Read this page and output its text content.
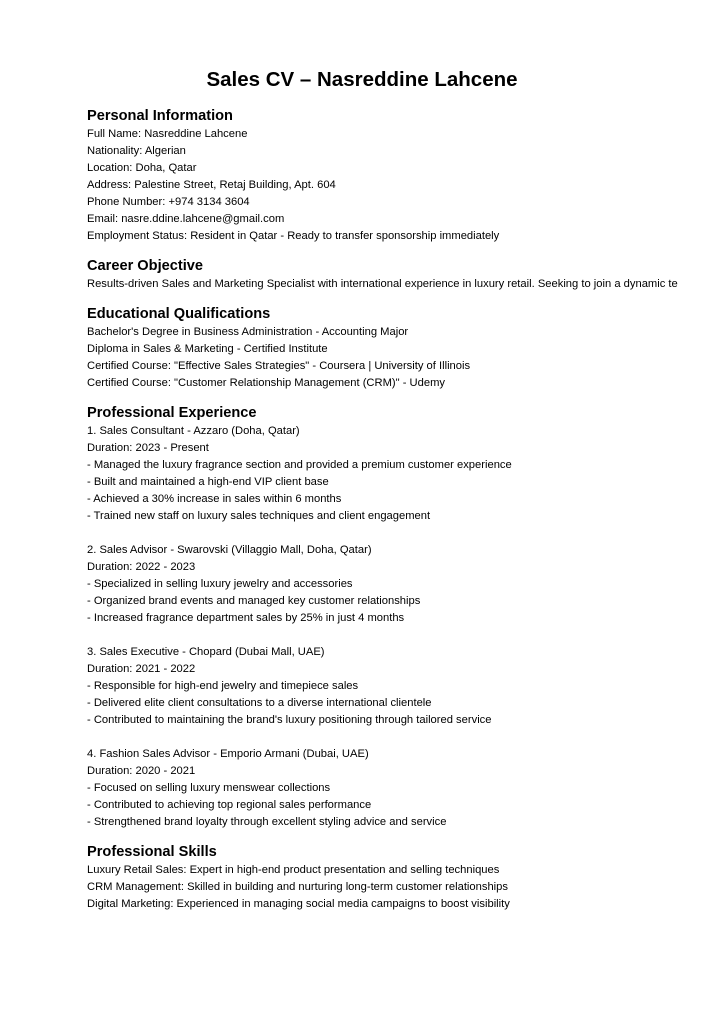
Sales CV – Nasreddine Lahcene
Personal Information
Full Name: Nasreddine Lahcene
Nationality: Algerian
Location: Doha, Qatar
Address: Palestine Street, Retaj Building, Apt. 604
Phone Number: +974 3134 3604
Email: nasre.ddine.lahcene@gmail.com
Employment Status: Resident in Qatar - Ready to transfer sponsorship immediately
Career Objective
Results-driven Sales and Marketing Specialist with international experience in luxury retail. Seeking to join a dynamic te
Educational Qualifications
Bachelor's Degree in Business Administration - Accounting Major
Diploma in Sales & Marketing - Certified Institute
Certified Course: "Effective Sales Strategies" - Coursera | University of Illinois
Certified Course: "Customer Relationship Management (CRM)" - Udemy
Professional Experience
1. Sales Consultant - Azzaro (Doha, Qatar)
Duration: 2023 - Present
- Managed the luxury fragrance section and provided a premium customer experience
- Built and maintained a high-end VIP client base
- Achieved a 30% increase in sales within 6 months
- Trained new staff on luxury sales techniques and client engagement
2. Sales Advisor - Swarovski (Villaggio Mall, Doha, Qatar)
Duration: 2022 - 2023
- Specialized in selling luxury jewelry and accessories
- Organized brand events and managed key customer relationships
- Increased fragrance department sales by 25% in just 4 months
3. Sales Executive - Chopard (Dubai Mall, UAE)
Duration: 2021 - 2022
- Responsible for high-end jewelry and timepiece sales
- Delivered elite client consultations to a diverse international clientele
- Contributed to maintaining the brand's luxury positioning through tailored service
4. Fashion Sales Advisor - Emporio Armani (Dubai, UAE)
Duration: 2020 - 2021
- Focused on selling luxury menswear collections
- Contributed to achieving top regional sales performance
- Strengthened brand loyalty through excellent styling advice and service
Professional Skills
Luxury Retail Sales: Expert in high-end product presentation and selling techniques
CRM Management: Skilled in building and nurturing long-term customer relationships
Digital Marketing: Experienced in managing social media campaigns to boost visibility
